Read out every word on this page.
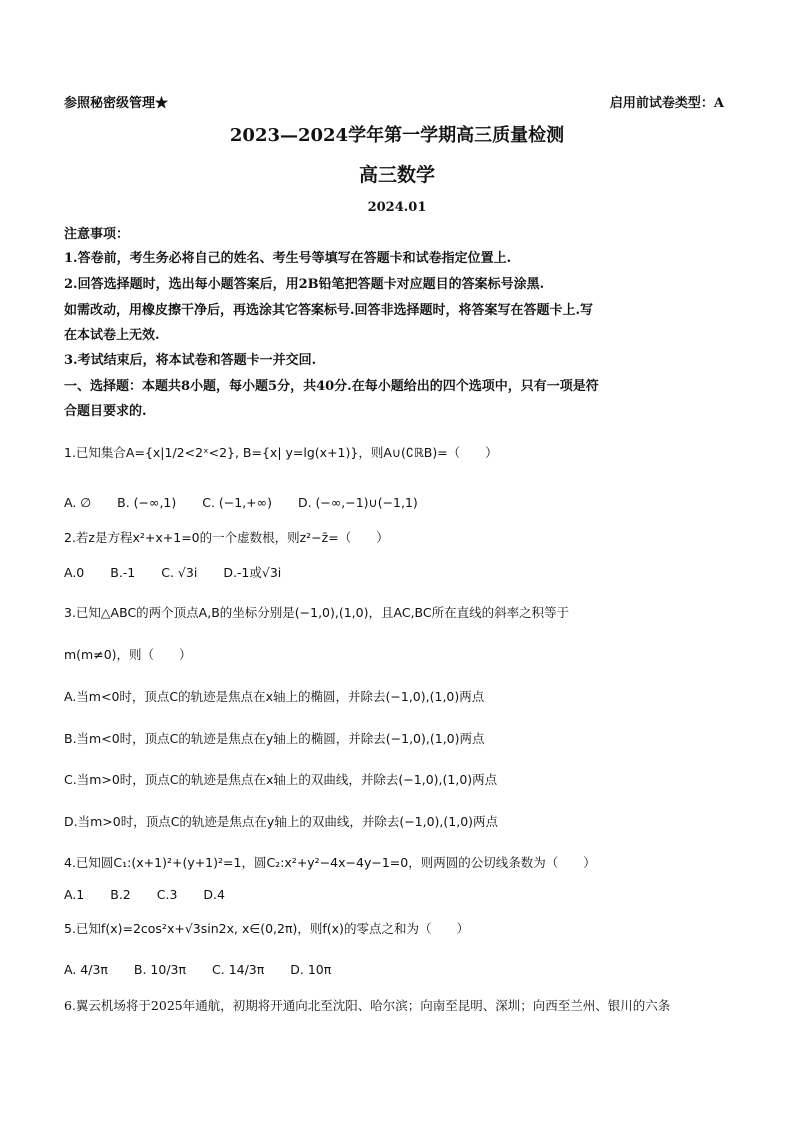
参照秘密级管理★	启用前试卷类型：A
2023—2024学年第一学期高三质量检测
高三数学
2024.01
注意事项：
1.答卷前，考生务必将自己的姓名、考生号等填写在答题卡和试卷指定位置上.
2.回答选择题时，选出每小题答案后，用2B铅笔把答题卡对应题目的答案标号涂黑.
如需改动，用橡皮擦干净后，再选涂其它答案标号.回答非选择题时，将答案写在答题卡上.写
在本试卷上无效.
3.考试结束后，将本试卷和答题卡一并交回.
一、选择题：本题共8小题，每小题5分，共40分.在每小题给出的四个选项中，只有一项是符
合题目要求的.
1.已知集合A={x|1/2<2ˣ<2}, B={x| y=lg(x+1)}，则A∪(∁ℝB)=（　　）
A. ∅ B. (−∞,1) C. (−1,+∞) D. (−∞,−1)∪(−1,1)
2.若z是方程x²+x+1=0的一个虚数根，则z²−z̄=（　　）
A.0 B.-1 C. √3i D.-1或√3i
3.已知△ABC的两个顶点A,B的坐标分别是(−1,0),(1,0)，且AC,BC所在直线的斜率之积等于
m(m≠0)，则（　　）
A.当m<0时，顶点C的轨迹是焦点在x轴上的椭圆，并除去(−1,0),(1,0)两点
B.当m<0时，顶点C的轨迹是焦点在y轴上的椭圆，并除去(−1,0),(1,0)两点
C.当m>0时，顶点C的轨迹是焦点在x轴上的双曲线，并除去(−1,0),(1,0)两点
D.当m>0时，顶点C的轨迹是焦点在y轴上的双曲线，并除去(−1,0),(1,0)两点
4.已知圆C₁:(x+1)²+(y+1)²=1，圆C₂:x²+y²−4x−4y−1=0，则两圆的公切线条数为（　　）
A.1 B.2 C.3 D.4
5.已知f(x)=2cos²x+√3sin2x, x∈(0,2π)，则f(x)的零点之和为（　　）
A. 4/3π B. 10/3π C. 14/3π D. 10π
6.翼云机场将于2025年通航，初期将开通向北至沈阳、哈尔滨；向南至昆明、深圳；向西至兰州、银川的六条
